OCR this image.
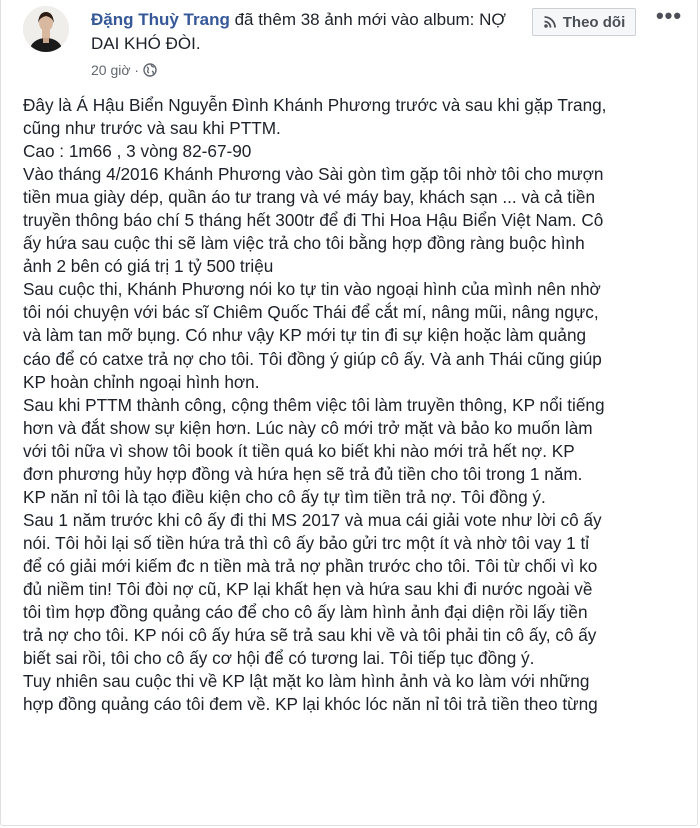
Đặng Thuỳ Trang đã thêm 38 ảnh mới vào album: NỢ DAI KHÓ ĐÒI.
20 giờ ·
Theo dõi •••

Đây là Á Hậu Biển Nguyễn Đình Khánh Phương trước và sau khi gặp Trang,

cũng như trước và sau khi PTTM.

Cao : 1m66 , 3 vòng 82-67-90

Vào tháng 4/2016 Khánh Phương vào Sài gòn tìm gặp tôi nhờ tôi cho mượn

tiền mua giày dép, quần áo tư trang và vé máy bay, khách sạn ... và cả tiền

truyền thông báo chí 5 tháng hết 300tr để đi Thi Hoa Hậu Biển Việt Nam. Cô

ấy hứa sau cuộc thi sẽ làm việc trả cho tôi bằng hợp đồng ràng buộc hình

ảnh 2 bên có giá trị 1 tỷ 500 triệu

Sau cuộc thi, Khánh Phương nói ko tự tin vào ngoại hình của mình nên nhờ

tôi nói chuyện với bác sĩ Chiêm Quốc Thái để cắt mí, nâng mũi, nâng ngực,

và làm tan mỡ bụng. Có như vậy KP mới tự tin đi sự kiện hoặc làm quảng

cáo để có catxe trả nợ cho tôi. Tôi đồng ý giúp cô ấy. Và anh Thái cũng giúp

KP hoàn chỉnh ngoại hình hơn.

Sau khi PTTM thành công, cộng thêm việc tôi làm truyền thông, KP nổi tiếng

hơn và đắt show sự kiện hơn. Lúc này cô mới trở mặt và bảo ko muốn làm

với tôi nữa vì show tôi book ít tiền quá ko biết khi nào mới trả hết nợ. KP

đơn phương hủy hợp đồng và hứa hẹn sẽ trả đủ tiền cho tôi trong 1 năm.

KP năn nỉ tôi là tạo điều kiện cho cô ấy tự tìm tiền trả nợ. Tôi đồng ý.

Sau 1 năm trước khi cô ấy đi thi MS 2017 và mua cái giải vote như lời cô ấy

nói. Tôi hỏi lại số tiền hứa trả thì cô ấy bảo gửi trc một ít và nhờ tôi vay 1 tỉ

để có giải mới kiếm đc n tiền mà trả nợ phần trước cho tôi. Tôi từ chối vì ko

đủ niềm tin! Tôi đòi nợ cũ, KP lại khất hẹn và hứa sau khi đi nước ngoài về

tôi tìm hợp đồng quảng cáo để cho cô ấy làm hình ảnh đại diện rồi lấy tiền

trả nợ cho tôi. KP nói cô ấy hứa sẽ trả sau khi về và tôi phải tin cô ấy, cô ấy

biết sai rồi, tôi cho cô ấy cơ hội để có tương lai. Tôi tiếp tục đồng ý.

Tuy nhiên sau cuộc thi về KP lật mặt ko làm hình ảnh và ko làm với những

hợp đồng quảng cáo tôi đem về. KP lại khóc lóc năn nỉ tôi trả tiền theo từng
